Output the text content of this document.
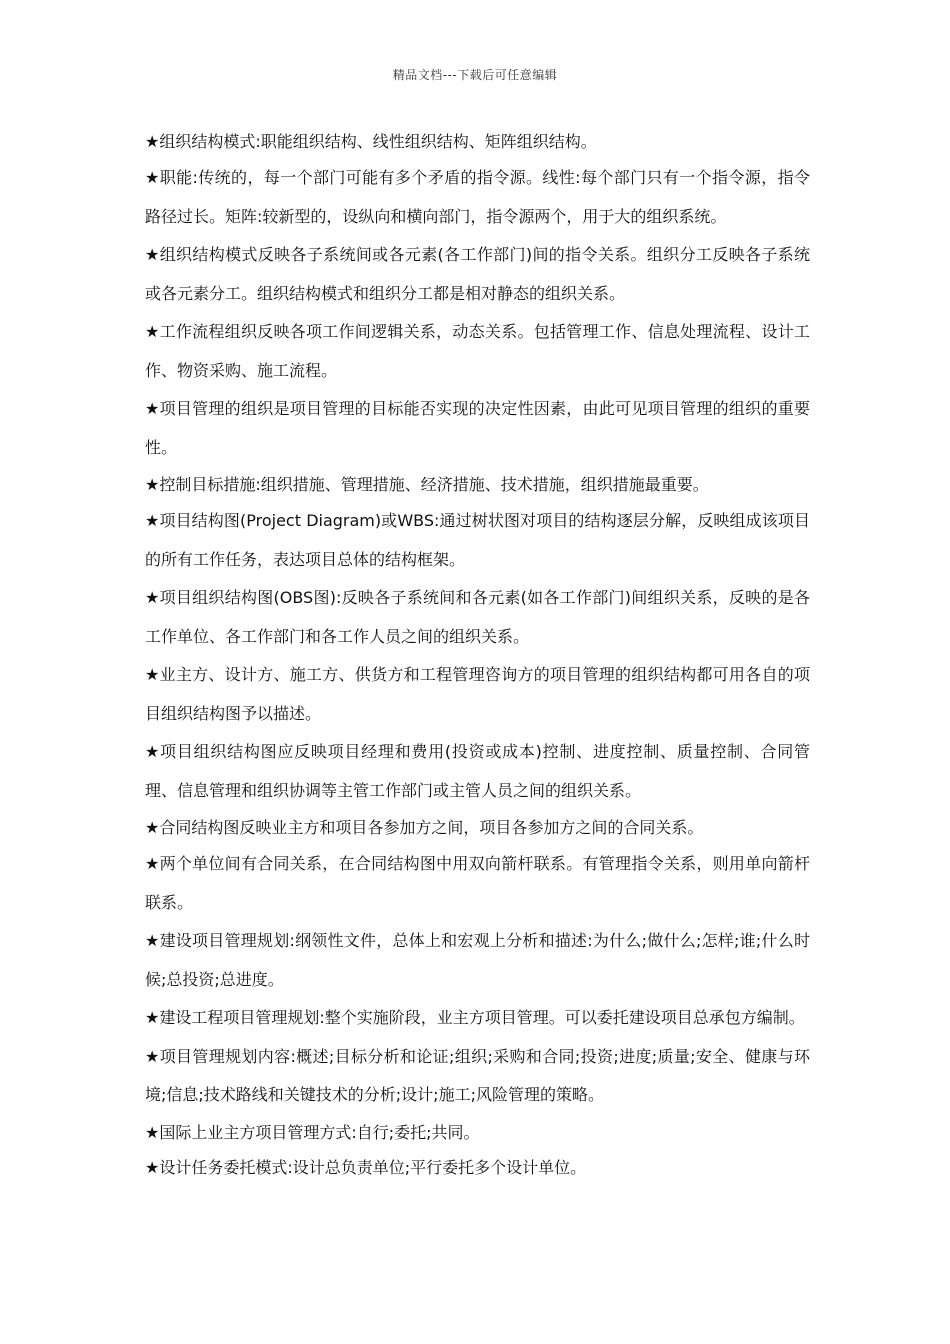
精品文档---下载后可任意编辑

★组织结构模式:职能组织结构、线性组织结构、矩阵组织结构。

★职能:传统的，每一个部门可能有多个矛盾的指令源。线性:每个部门只有一个指令源，指令路径过长。矩阵:较新型的，设纵向和横向部门，指令源两个，用于大的组织系统。

★组织结构模式反映各子系统间或各元素(各工作部门)间的指令关系。组织分工反映各子系统或各元素分工。组织结构模式和组织分工都是相对静态的组织关系。

★工作流程组织反映各项工作间逻辑关系，动态关系。包括管理工作、信息处理流程、设计工作、物资采购、施工流程。

★项目管理的组织是项目管理的目标能否实现的决定性因素，由此可见项目管理的组织的重要性。

★控制目标措施:组织措施、管理措施、经济措施、技术措施，组织措施最重要。

★项目结构图(Project Diagram)或WBS:通过树状图对项目的结构逐层分解，反映组成该项目的所有工作任务，表达项目总体的结构框架。

★项目组织结构图(OBS图):反映各子系统间和各元素(如各工作部门)间组织关系，反映的是各工作单位、各工作部门和各工作人员之间的组织关系。

★业主方、设计方、施工方、供货方和工程管理咨询方的项目管理的组织结构都可用各自的项目组织结构图予以描述。

★项目组织结构图应反映项目经理和费用(投资或成本)控制、进度控制、质量控制、合同管理、信息管理和组织协调等主管工作部门或主管人员之间的组织关系。

★合同结构图反映业主方和项目各参加方之间，项目各参加方之间的合同关系。

★两个单位间有合同关系，在合同结构图中用双向箭杆联系。有管理指令关系，则用单向箭杆联系。

★建设项目管理规划:纲领性文件，总体上和宏观上分析和描述:为什么;做什么;怎样;谁;什么时候;总投资;总进度。

★建设工程项目管理规划:整个实施阶段，业主方项目管理。可以委托建设项目总承包方编制。

★项目管理规划内容:概述;目标分析和论证;组织;采购和合同;投资;进度;质量;安全、健康与环境;信息;技术路线和关键技术的分析;设计;施工;风险管理的策略。

★国际上业主方项目管理方式:自行;委托;共同。

★设计任务委托模式:设计总负责单位;平行委托多个设计单位。
